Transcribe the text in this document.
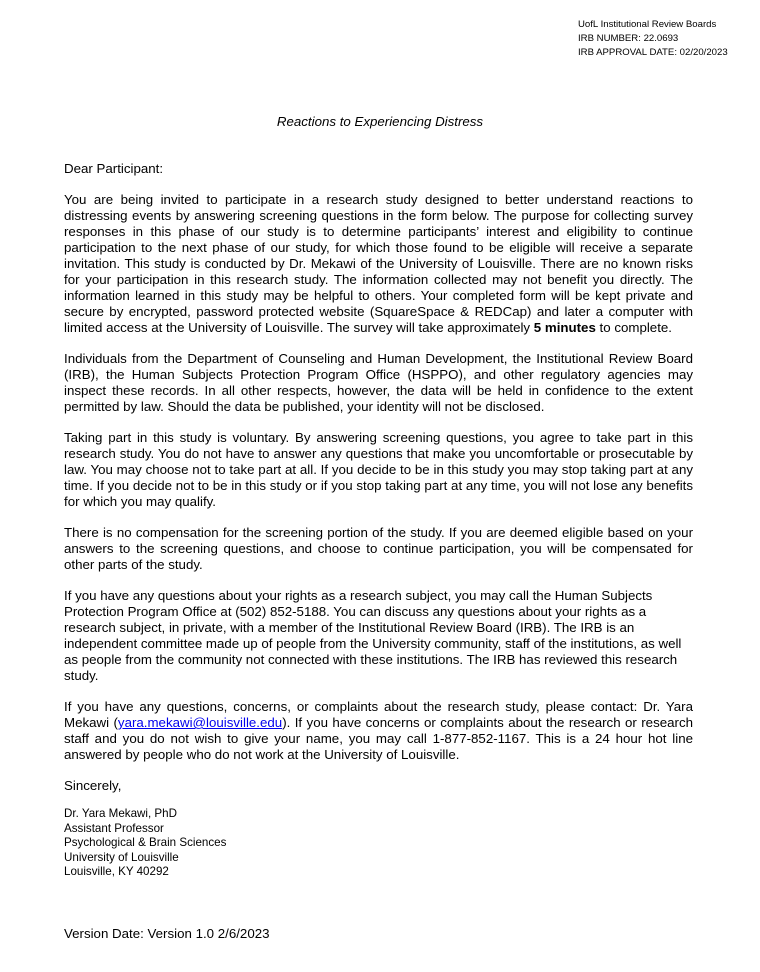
UofL Institutional Review Boards
IRB NUMBER: 22.0693
IRB APPROVAL DATE: 02/20/2023
Reactions to Experiencing Distress

Dear Participant:

You are being invited to participate in a research study designed to better understand reactions to distressing events by answering screening questions in the form below. The purpose for collecting survey responses in this phase of our study is to determine participants’ interest and eligibility to continue participation to the next phase of our study, for which those found to be eligible will receive a separate invitation. This study is conducted by Dr. Mekawi of the University of Louisville. There are no known risks for your participation in this research study. The information collected may not benefit you directly. The information learned in this study may be helpful to others. Your completed form will be kept private and secure by encrypted, password protected website (SquareSpace & REDCap) and later a computer with limited access at the University of Louisville. The survey will take approximately 5 minutes to complete.

Individuals from the Department of Counseling and Human Development, the Institutional Review Board (IRB), the Human Subjects Protection Program Office (HSPPO), and other regulatory agencies may inspect these records. In all other respects, however, the data will be held in confidence to the extent permitted by law. Should the data be published, your identity will not be disclosed.

Taking part in this study is voluntary. By answering screening questions, you agree to take part in this research study. You do not have to answer any questions that make you uncomfortable or prosecutable by law. You may choose not to take part at all. If you decide to be in this study you may stop taking part at any time. If you decide not to be in this study or if you stop taking part at any time, you will not lose any benefits for which you may qualify.

There is no compensation for the screening portion of the study. If you are deemed eligible based on your answers to the screening questions, and choose to continue participation, you will be compensated for other parts of the study.

If you have any questions about your rights as a research subject, you may call the Human Subjects Protection Program Office at (502) 852-5188. You can discuss any questions about your rights as a research subject, in private, with a member of the Institutional Review Board (IRB). The IRB is an independent committee made up of people from the University community, staff of the institutions, as well as people from the community not connected with these institutions. The IRB has reviewed this research study.

If you have any questions, concerns, or complaints about the research study, please contact: Dr. Yara Mekawi (yara.mekawi@louisville.edu). If you have concerns or complaints about the research or research staff and you do not wish to give your name, you may call 1-877-852-1167. This is a 24 hour hot line answered by people who do not work at the University of Louisville.

Sincerely,

Dr. Yara Mekawi, PhD
Assistant Professor
Psychological & Brain Sciences
University of Louisville
Louisville, KY 40292
Version Date: Version 1.0 2/6/2023
